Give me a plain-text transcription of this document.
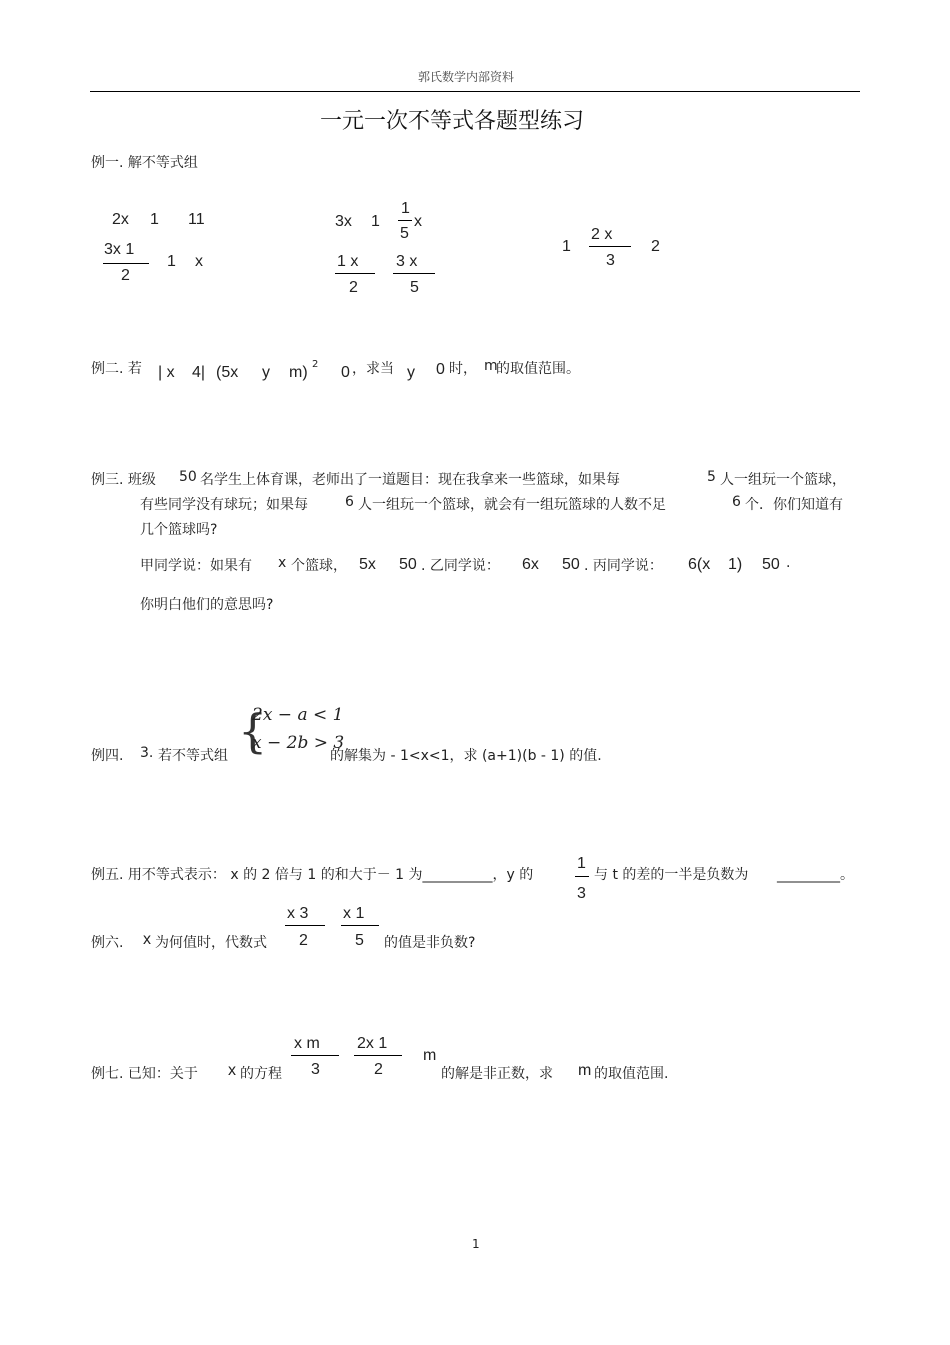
郭氏数学内部资料
一元一次不等式各题型练习
例一. 解不等式组
2x 1 11
3x 1
2
1 x
3x 1
1
5
x
1 x
2
3 x
5
1
2 x
3
2
例二. 若 | x 4| (5x y m) 2 0 ，求当 y 0 时， m
的取值范围。
例三. 班级 50 名学生上体育课，老师出了一道题目：现在我拿来一些篮球，如果每	5 人一组玩一个篮球，
有些同学没有球玩；如果每	6 人一组玩一个篮球，就会有一组玩篮球的人数不足	6 个．你们知道有
几个篮球吗?
甲同学说：如果有 x 个篮球， 5x 50 . 乙同学说： 6x 50 . 丙同学说： 6(x 1) 50 .
你明白他们的意思吗?
例四. 3. 若不等式组 {
2x − a < 1
x − 2b > 3
的解集为 - 1<x<1，求 (a+1)(b - 1) 的值.
例五. 用不等式表示： x 的 2 倍与 1 的和大于－ 1 为__________，y 的
1
3
与 t 的差的一半是负数为 _________。
例六. x 为何值时，代数式
x 3
2
x 1
5 的值是非负数?
例七. 已知：关于 x 的方程
x m
3
2x 1
2
m
的解是非正数，求 m 的取值范围.
1
